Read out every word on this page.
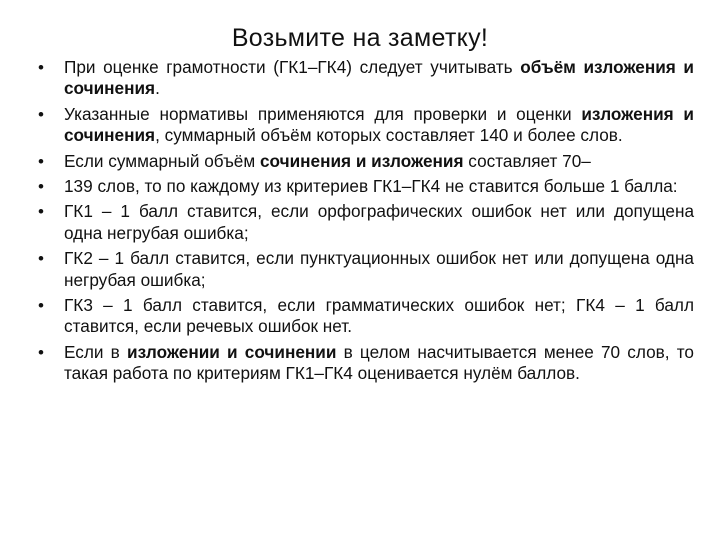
Возьмите на заметку!
• При оценке грамотности (ГК1–ГК4) следует учитывать объём изложения и сочинения.
• Указанные нормативы применяются для проверки и оценки изложения и сочинения, суммарный объём которых составляет 140 и более слов.
• Если суммарный объём сочинения и изложения составляет 70–
• 139 слов, то по каждому из критериев ГК1–ГК4 не ставится больше 1 балла:
• ГК1 – 1 балл ставится, если орфографических ошибок нет или допущена одна негрубая ошибка;
• ГК2 – 1 балл ставится, если пунктуационных ошибок нет или допущена одна негрубая ошибка;
• ГК3 – 1 балл ставится, если грамматических ошибок нет; ГК4 – 1 балл ставится, если речевых ошибок нет.
• Если в изложении и сочинении в целом насчитывается менее 70 слов, то такая работа по критериям ГК1–ГК4 оценивается нулём баллов.
